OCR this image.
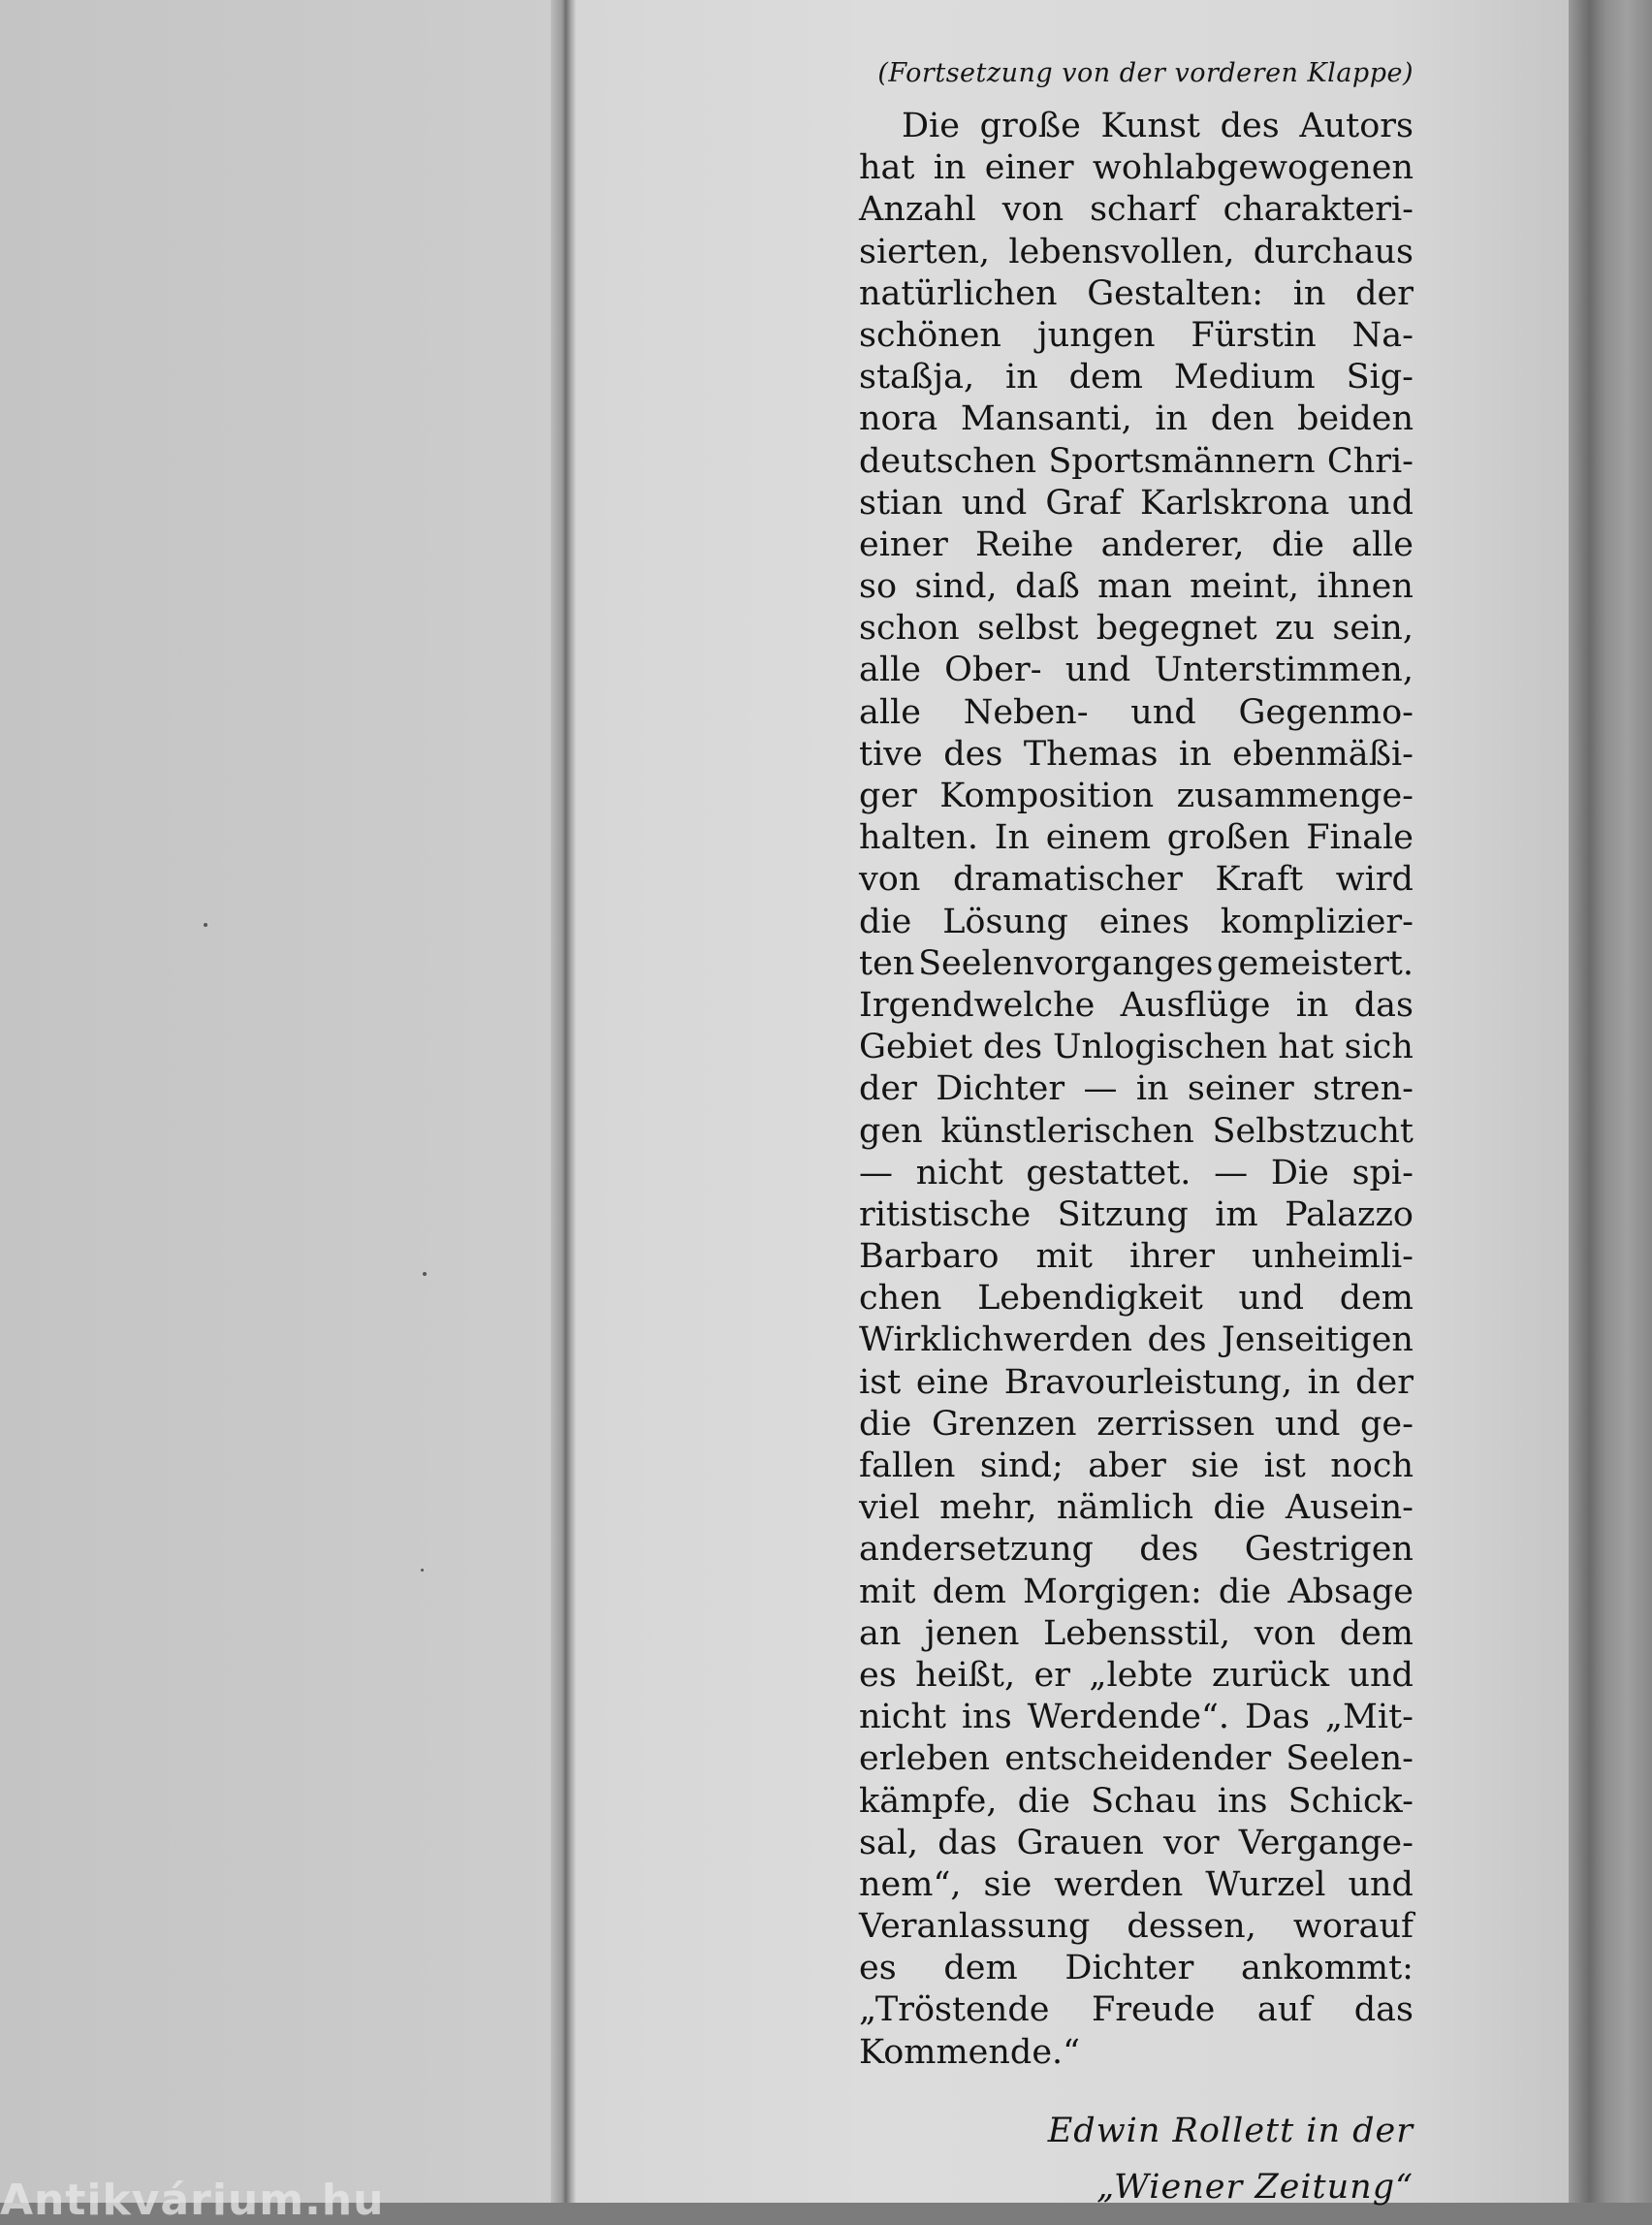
(Fortsetzung von der vorderen Klappe)
Die große Kunst des Autors
hat in einer wohlabgewogenen
Anzahl von scharf charakteri-
sierten, lebensvollen, durchaus
natürlichen Gestalten: in der
schönen jungen Fürstin Na-
staßja, in dem Medium Sig-
nora Mansanti, in den beiden
deutschen Sportsmännern Chri-
stian und Graf Karlskrona und
einer Reihe anderer, die alle
so sind, daß man meint, ihnen
schon selbst begegnet zu sein,
alle Ober- und Unterstimmen,
alle Neben- und Gegenmo-
tive des Themas in ebenmäßi-
ger Komposition zusammenge-
halten. In einem großen Finale
von dramatischer Kraft wird
die Lösung eines komplizier-
ten Seelenvorganges gemeistert.
Irgendwelche Ausflüge in das
Gebiet des Unlogischen hat sich
der Dichter — in seiner stren-
gen künstlerischen Selbstzucht
— nicht gestattet. — Die spi-
ritistische Sitzung im Palazzo
Barbaro mit ihrer unheimli-
chen Lebendigkeit und dem
Wirklichwerden des Jenseitigen
ist eine Bravourleistung, in der
die Grenzen zerrissen und ge-
fallen sind; aber sie ist noch
viel mehr, nämlich die Ausein-
andersetzung des Gestrigen
mit dem Morgigen: die Absage
an jenen Lebensstil, von dem
es heißt, er „lebte zurück und
nicht ins Werdende“. Das „Mit-
erleben entscheidender Seelen-
kämpfe, die Schau ins Schick-
sal, das Grauen vor Vergange-
nem“, sie werden Wurzel und
Veranlassung dessen, worauf
es dem Dichter ankommt:
„Tröstende Freude auf das
Kommende.“
Edwin Rollett in der
„Wiener Zeitung“
Antikvárium.hu
